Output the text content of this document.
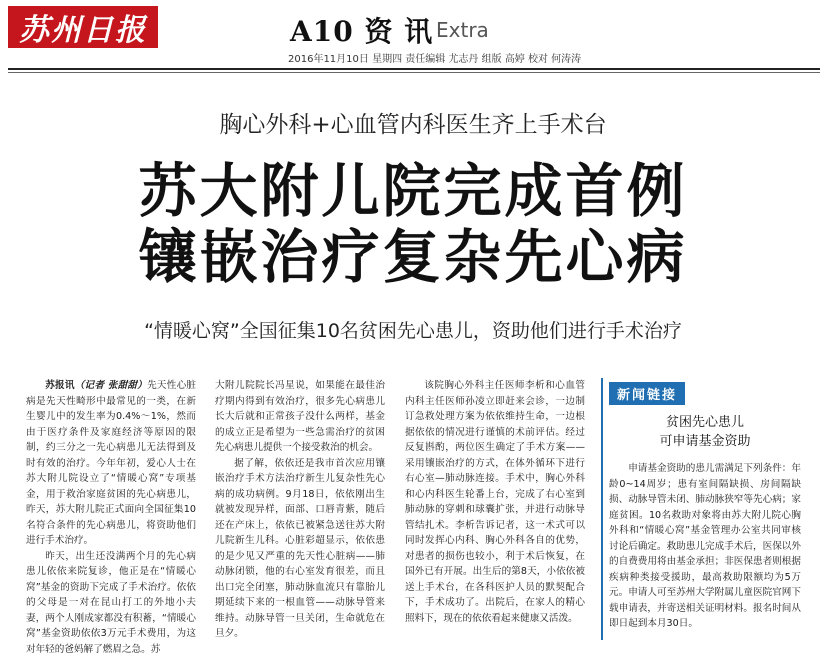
苏州日报	A10 资 讯 Extra
2016年11月10日 星期四 责任编辑 尤志丹 组版 高婷 校对 何涛涛
胸心外科+心血管内科医生齐上手术台
苏大附儿院完成首例
镶嵌治疗复杂先心病
“情暖心窝”全国征集10名贫困先心患儿，资助他们进行手术治疗

苏报讯（记者 张甜甜）先天性心脏病是先天性畸形中最常见的一类，在新生婴儿中的发生率为0.4%～1%，然而由于医疗条件及家庭经济等原因的限制，约三分之一先心病患儿无法得到及时有效的治疗。今年年初，爱心人士在苏大附儿院设立了“情暖心窝”专项基金，用于救治家庭贫困的先心病患儿，昨天，苏大附儿院正式面向全国征集10名符合条件的先心病患儿，将资助他们进行手术治疗。

昨天，出生还没满两个月的先心病患儿依依来院复诊，他正是在“情暖心窝”基金的资助下完成了手术治疗。依依的父母是一对在昆山打工的外地小夫妻，两个人刚成家都没有积蓄，“情暖心窝”基金资助依依3万元手术费用，为这对年轻的爸妈解了燃眉之急。苏

大附儿院院长冯星说，如果能在最佳治疗期内得到有效治疗，很多先心病患儿长大后就和正常孩子没什么两样，基金的成立正是希望为一些急需治疗的贫困先心病患儿提供一个接受救治的机会。

据了解，依依还是我市首次应用镶嵌治疗手术方法治疗新生儿复杂性先心病的成功病例。9月18日，依依刚出生就被发现异样，面部、口唇青紫，随后还在产床上，依依已被紧急送往苏大附儿院新生儿科。心脏彩超显示，依依患的是少见又严重的先天性心脏病——肺动脉闭锁，他的右心室发育很差，而且出口完全闭塞，肺动脉血流只有靠胎儿期延续下来的一根血管——动脉导管来维持。动脉导管一旦关闭，生命就危在旦夕。

该院胸心外科主任医师李析和心血管内科主任医师孙凌立即赶来会诊，一边制订急救处理方案为依依维持生命，一边根据依依的情况进行谨慎的术前评估。经过反复斟酌，两位医生确定了手术方案——采用镶嵌治疗的方式，在体外循环下进行右心室—肺动脉连接。手术中，胸心外科和心内科医生轮番上台，完成了右心室到肺动脉的穿刺和球囊扩张，并进行动脉导管结扎术。李析告诉记者，这一术式可以同时发挥心内科、胸心外科各自的优势，对患者的损伤也较小，利于术后恢复，在国外已有开展。出生后的第8天，小依依被送上手术台，在各科医护人员的默契配合下，手术成功了。出院后，在家人的精心照料下，现在的依依看起来健康又活泼。

新闻链接
贫困先心患儿
可申请基金资助
申请基金资助的患儿需满足下列条件：年龄0~14周岁；患有室间隔缺损、房间隔缺损、动脉导管未闭、肺动脉狭窄等先心病；家庭贫困。10名救助对象将由苏大附儿院心胸外科和“情暖心窝”基金管理办公室共同审核讨论后确定。救助患儿完成手术后，医保以外的自费费用将由基金承担；非医保患者则根据疾病种类接受援助，最高救助限额均为5万元。申请人可至苏州大学附属儿童医院官网下载申请表，并寄送相关证明材料。报名时间从即日起到本月30日。
